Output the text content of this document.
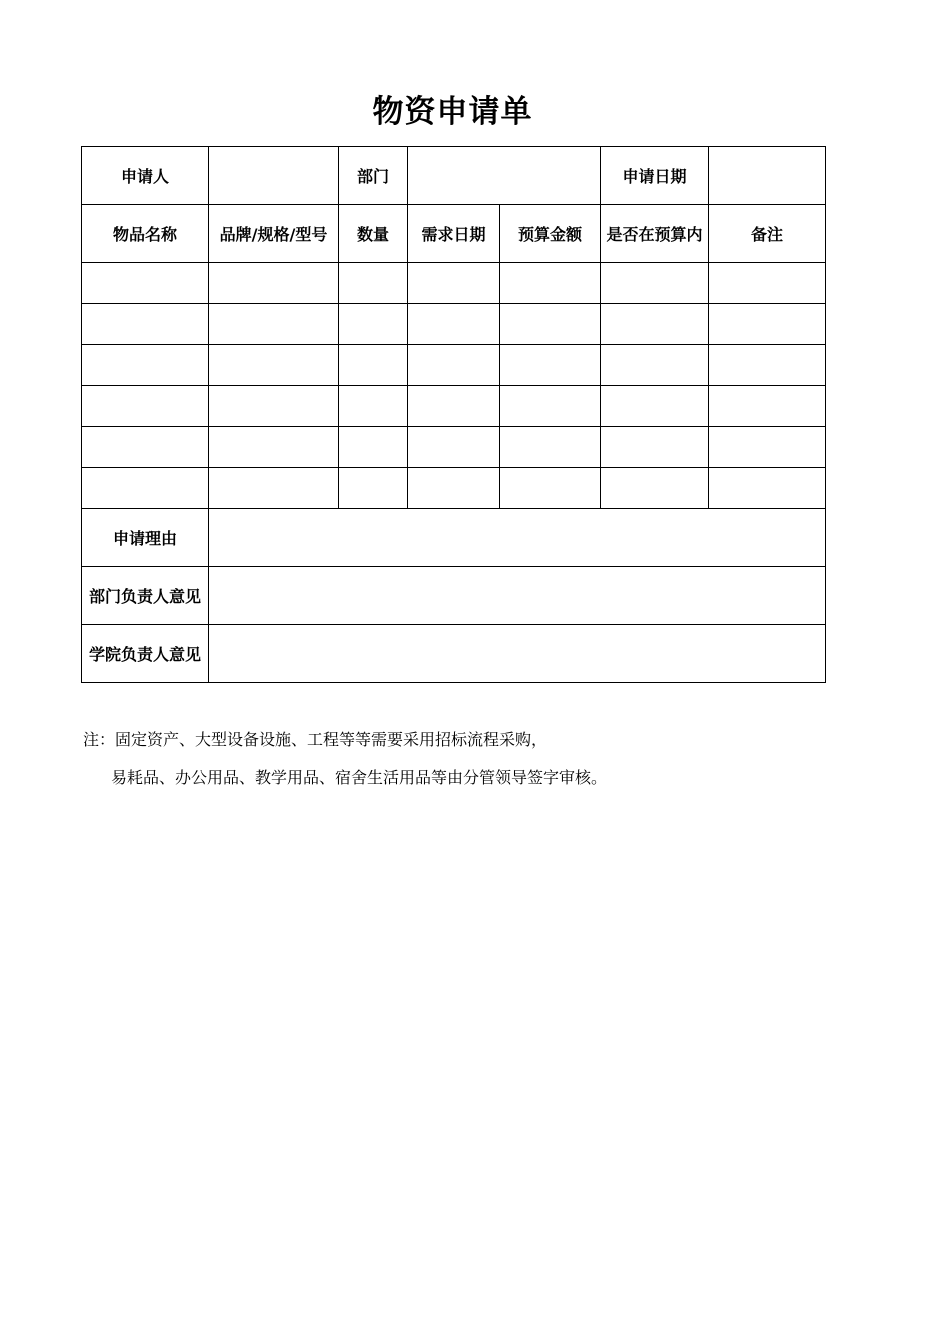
物资申请单
申请人		部门			申请日期	
物品名称	品牌/规格/型号	数量	需求日期	预算金额	是否在预算内	备注

申请理由						
部门负责人意见						
学院负责人意见						
注：固定资产、大型设备设施、工程等等需要采用招标流程采购，
易耗品、办公用品、教学用品、宿舍生活用品等由分管领导签字审核。
